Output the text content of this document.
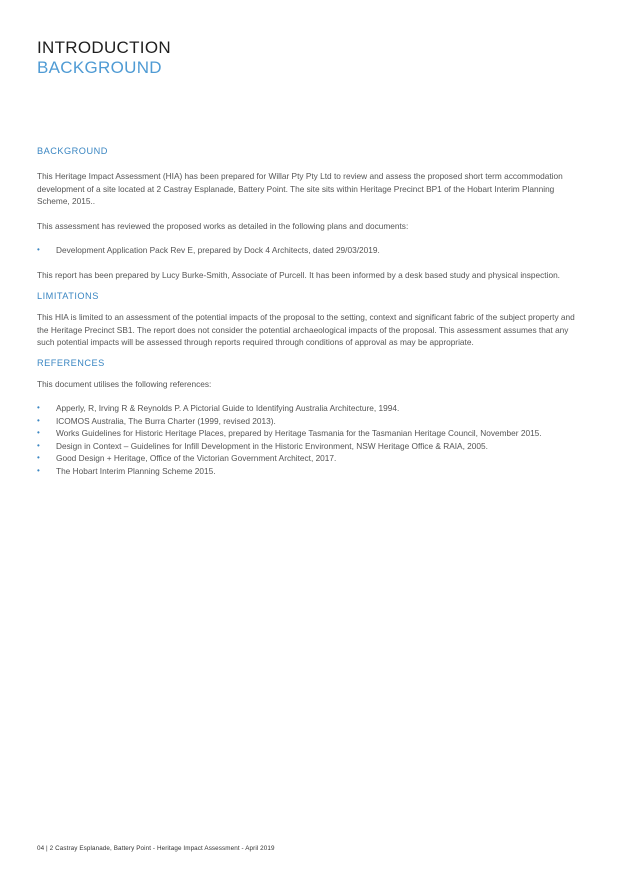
INTRODUCTION
BACKGROUND
BACKGROUND

This Heritage Impact Assessment (HIA) has been prepared for Willar Pty Pty Ltd to review and assess the proposed short term accommodation development of a site located at 2 Castray Esplanade, Battery Point. The site sits within Heritage Precinct BP1 of the Hobart Interim Planning Scheme, 2015..

This assessment has reviewed the proposed works as detailed in the following plans and documents:

• Development Application Pack Rev E, prepared by Dock 4 Architects, dated 29/03/2019.

This report has been prepared by Lucy Burke-Smith, Associate of Purcell. It has been informed by a desk based study and physical inspection.

LIMITATIONS

This HIA is limited to an assessment of the potential impacts of the proposal to the setting, context and significant fabric of the subject property and the Heritage Precinct SB1. The report does not consider the potential archaeological impacts of the proposal. This assessment assumes that any such potential impacts will be assessed through reports required through conditions of approval as may be appropriate.

REFERENCES

This document utilises the following references:

• Apperly, R, Irving R & Reynolds P. A Pictorial Guide to Identifying Australia Architecture, 1994.
• ICOMOS Australia, The Burra Charter (1999, revised 2013).
• Works Guidelines for Historic Heritage Places, prepared by Heritage Tasmania for the Tasmanian Heritage Council, November 2015.
• Design in Context – Guidelines for Infill Development in the Historic Environment, NSW Heritage Office & RAIA, 2005.
• Good Design + Heritage, Office of the Victorian Government Architect, 2017.
• The Hobart Interim Planning Scheme 2015.
04 | 2 Castray Esplanade, Battery Point - Heritage Impact Assessment - April 2019
